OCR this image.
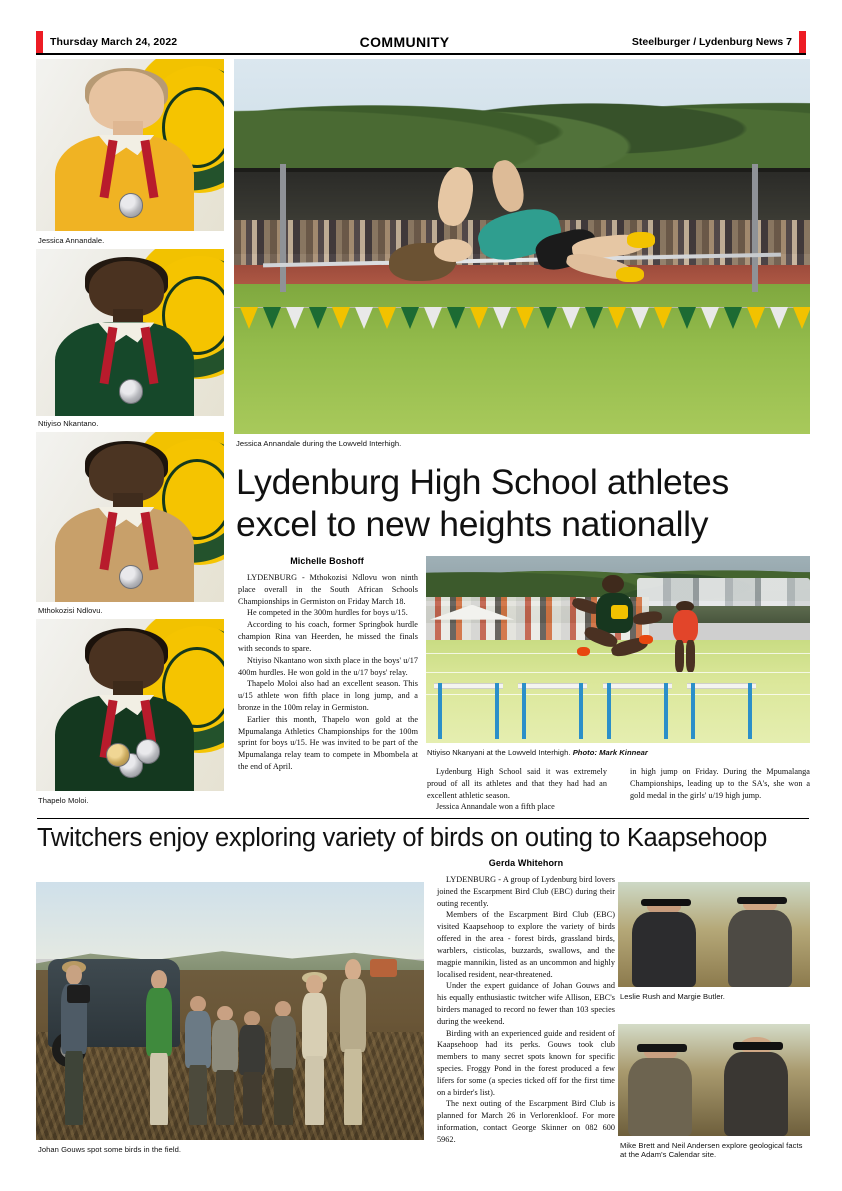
Thursday March 24, 2022	COMMUNITY	Steelburger / Lydenburg News 7
Jessica Annandale.
Ntiyiso Nkantano.
Mthokozisi Ndlovu.
Thapelo Moloi.
Jessica Annandale during the Lowveld Interhigh.
Lydenburg High School athletes
excel to new heights nationally
Michelle Boshoff

LYDENBURG - Mthokozisi Ndlovu won ninth place overall in the South African Schools Championships in Germiston on Friday March 18.

He competed in the 300m hurdles for boys u/15.

According to his coach, former Springbok hurdle champion Rina van Heerden, he missed the finals with seconds to spare.

Ntiyiso Nkantano won sixth place in the boys' u/17 400m hurdles. He won gold in the u/17 boys' relay.

Thapelo Moloi also had an excellent season. This u/15 athlete won fifth place in long jump, and a bronze in the 100m relay in Germiston.

Earlier this month, Thapelo won gold at the Mpumalanga Athletics Championships for the 100m sprint for boys u/15. He was invited to be part of the Mpumalanga relay team to compete in Mbombela at the end of April.

Ntiyiso Nkanyani at the Lowveld Interhigh. Photo: Mark Kinnear

Lydenburg High School said it was extremely proud of all its athletes and that they had had an excellent athletic season.

Jessica Annandale won a fifth place

in high jump on Friday. During the Mpumalanga Championships, leading up to the SA's, she won a gold medal in the girls' u/19 high jump.

Twitchers enjoy exploring variety of birds on outing to Kaapsehoop
Gerda Whitehorn

LYDENBURG - A group of Lydenburg bird lovers joined the Escarpment Bird Club (EBC) during their outing recently.

Members of the Escarpment Bird Club (EBC) visited Kaapsehoop to explore the variety of birds offered in the area - forest birds, grassland birds, warblers, cisticolas, buzzards, swallows, and the magpie mannikin, listed as an uncommon and highly localised resident, near-threatened.

Under the expert guidance of Johan Gouws and his equally enthusiastic twitcher wife Allison, EBC's birders managed to record no fewer than 103 species during the weekend.

Birding with an experienced guide and resident of Kaapsehoop had its perks. Gouws took club members to many secret spots known for specific species. Froggy Pond in the forest produced a few lifers for some (a species ticked off for the first time on a birder's list).

The next outing of the Escarpment Bird Club is planned for March 26 in Verlorenkloof. For more information, contact George Skinner on 082 600 5962.

Johan Gouws spot some birds in the field.
Leslie Rush and Margie Butler.
Mike Brett and Neil Andersen explore geological facts at the Adam's Calendar site.
